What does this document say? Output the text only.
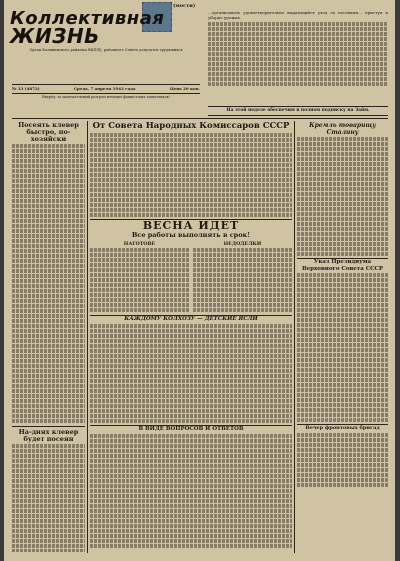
(мости)
Коллективная
ЖИЗНЬ
Орган Калининского райкома ВКП(б), районного Совета депутатов трудящихся
№ 33 (4872)	Среда, 7 апреля 1943 года	Цена 20 коп.
Вперёд, за окончательный разгром немецко-фашистских захватчиков!
...организовать удовлетворительно выдающийся уход за посевами... приступ к уборке урожая.
На этой неделе обеспечим в полном подписку на Займ.
Посеять клевер быстро, по-хозяйски
На-днях клевер будет посеян
От Совета Народных Комиссаров СССР
ВЕСНА ИДЕТ
Все работы выполнять в срок!
НАГОТОВЕ	НЕДОДЕЛКИ
КАЖДОМУ КОЛХОЗУ — ДЕТСКИЕ ЯСЛИ
В ВИДЕ ВОПРОСОВ И ОТВЕТОВ
Кремль товарищу Сталину
Указ Президиума Верховного Совета СССР
Вечер фронтовых бригад
